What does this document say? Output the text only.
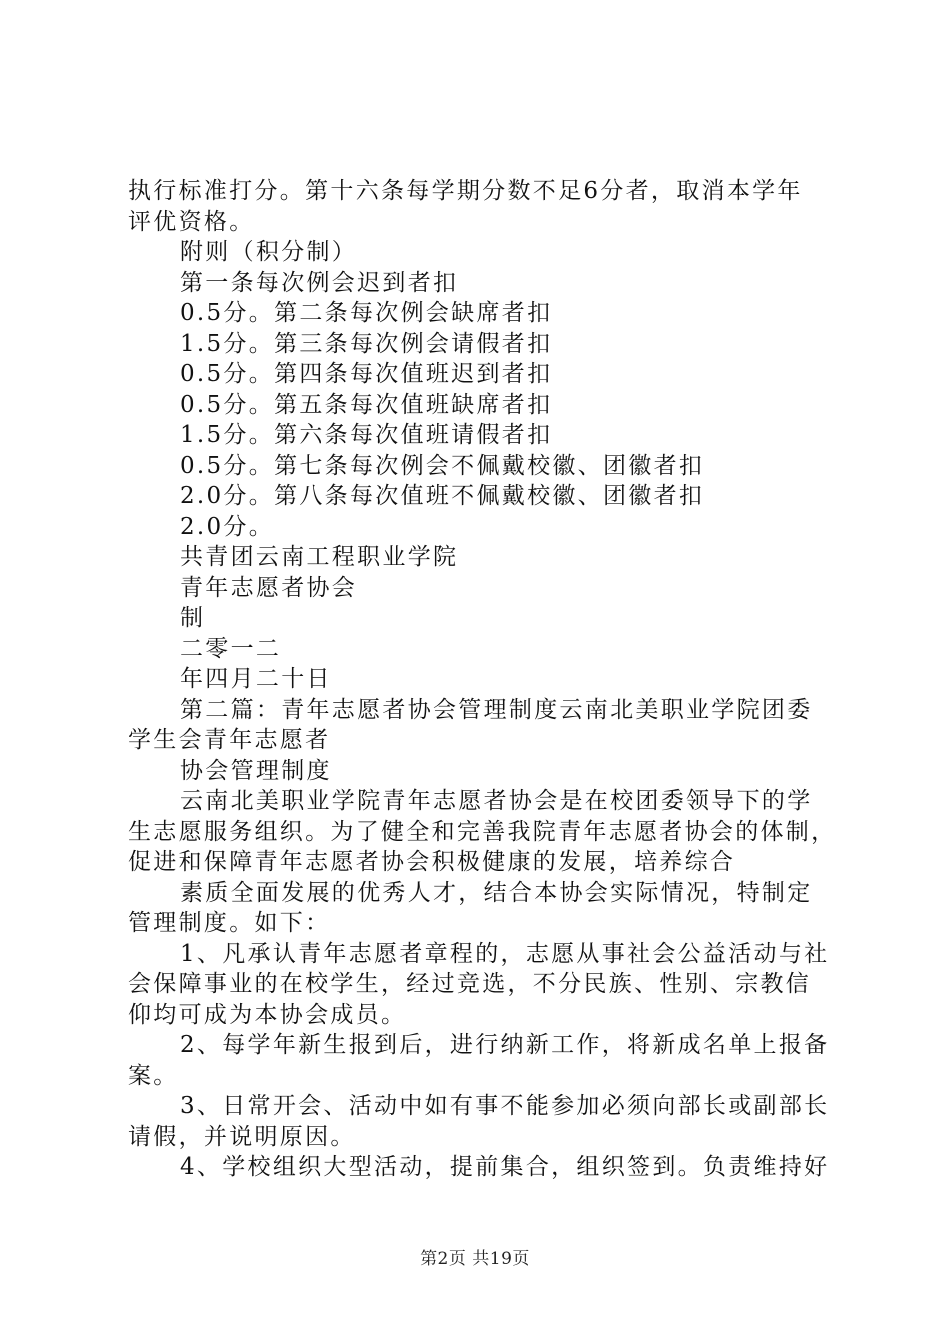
执行标准打分。第十六条每学期分数不足6分者，取消本学年
评优资格。
附则（积分制）
第一条每次例会迟到者扣
0.5分。第二条每次例会缺席者扣
1.5分。第三条每次例会请假者扣
0.5分。第四条每次值班迟到者扣
0.5分。第五条每次值班缺席者扣
1.5分。第六条每次值班请假者扣
0.5分。第七条每次例会不佩戴校徽、团徽者扣
2.0分。第八条每次值班不佩戴校徽、团徽者扣
2.0分。
共青团云南工程职业学院
青年志愿者协会
制
二零一二
年四月二十日
第二篇：青年志愿者协会管理制度云南北美职业学院团委
学生会青年志愿者
协会管理制度
云南北美职业学院青年志愿者协会是在校团委领导下的学
生志愿服务组织。为了健全和完善我院青年志愿者协会的体制，
促进和保障青年志愿者协会积极健康的发展，培养综合
素质全面发展的优秀人才，结合本协会实际情况，特制定
管理制度。如下：
1、凡承认青年志愿者章程的，志愿从事社会公益活动与社
会保障事业的在校学生，经过竞选，不分民族、性别、宗教信
仰均可成为本协会成员。
2、每学年新生报到后，进行纳新工作，将新成名单上报备
案。
3、日常开会、活动中如有事不能参加必须向部长或副部长
请假，并说明原因。
4、学校组织大型活动，提前集合，组织签到。负责维持好
第2页 共19页
